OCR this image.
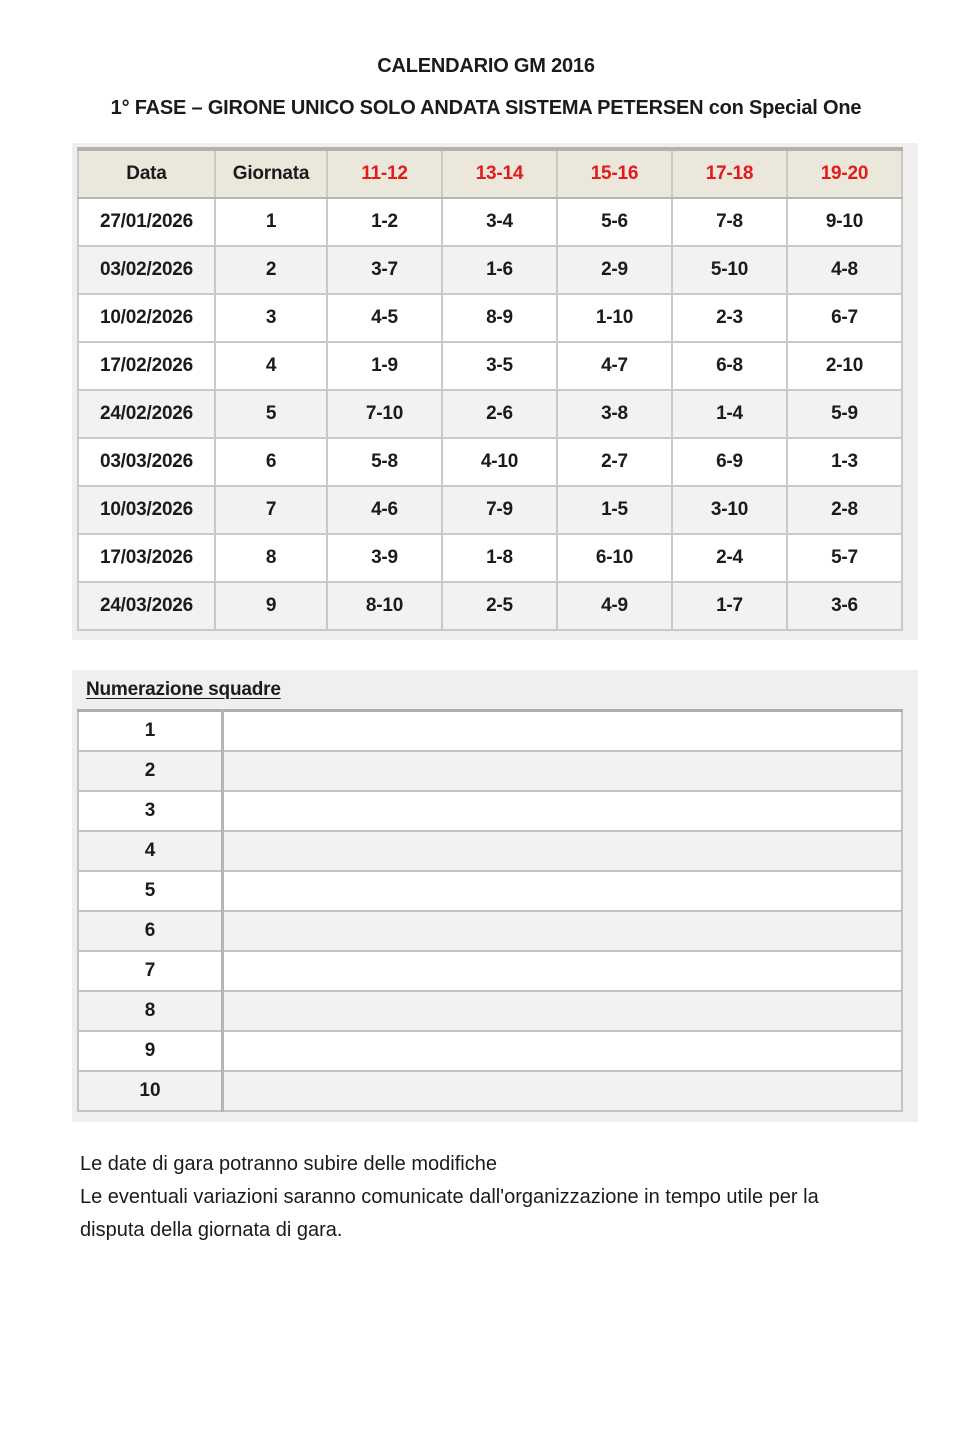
CALENDARIO GM 2016
1° FASE – GIRONE UNICO SOLO ANDATA SISTEMA PETERSEN con Special One
Data	Giornata	11-12	13-14	15-16	17-18	19-20
27/01/2026	1	1-2	3-4	5-6	7-8	9-10
03/02/2026	2	3-7	1-6	2-9	5-10	4-8
10/02/2026	3	4-5	8-9	1-10	2-3	6-7
17/02/2026	4	1-9	3-5	4-7	6-8	2-10
24/02/2026	5	7-10	2-6	3-8	1-4	5-9
03/03/2026	6	5-8	4-10	2-7	6-9	1-3
10/03/2026	7	4-6	7-9	1-5	3-10	2-8
17/03/2026	8	3-9	1-8	6-10	2-4	5-7
24/03/2026	9	8-10	2-5	4-9	1-7	3-6
Numerazione squadre
1	
2	
3	
4	
5	
6	
7	
8	
9	
10	
Le date di gara potranno subire delle modifiche
Le eventuali variazioni saranno comunicate dall'organizzazione in tempo utile per la
disputa della giornata di gara.
